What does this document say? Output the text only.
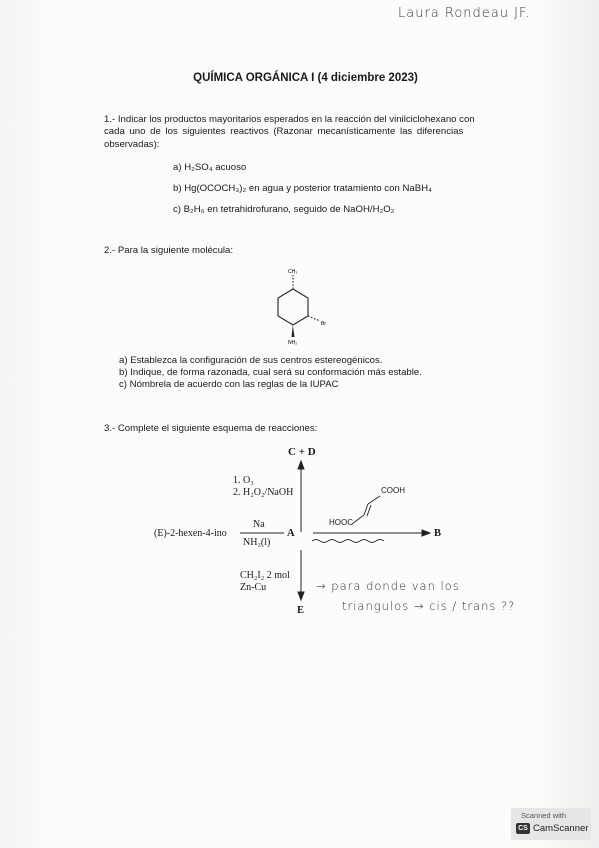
Laura Rondeau JF.
QUÍMICA ORGÁNICA I (4 diciembre 2023)
1.- Indicar los productos mayoritarios esperados en la reacción del vinilciclohexano con
cada uno de los siguientes reactivos (Razonar mecanísticamente las diferencias
observadas):
a) H₂SO₄ acuoso
b) Hg(OCOCH₃)₂ en agua y posterior tratamiento con NaBH₄
c) B₂H₆ en tetrahidrofurano, seguido de NaOH/H₂O₂
2.- Para la siguiente molécula:
CH₃
Br
NH₂
a) Establezca la configuración de sus centros estereogénicos.
b) Indique, de forma razonada, cual será su conformación más estable.
c) Nómbrela de acuerdo con las reglas de la IUPAC
3.- Complete el siguiente esquema de reacciones:
C + D
1. O₃
2. H₂O₂/NaOH
(E)-2-hexen-4-ino
Na
NH₃(l)
A	B
COOH
HOOC
CH₂I₂ 2 mol
Zn-Cu
E
→ para donde van los
triangulos → cis / trans ??
Scanned with
CS CamScanner
